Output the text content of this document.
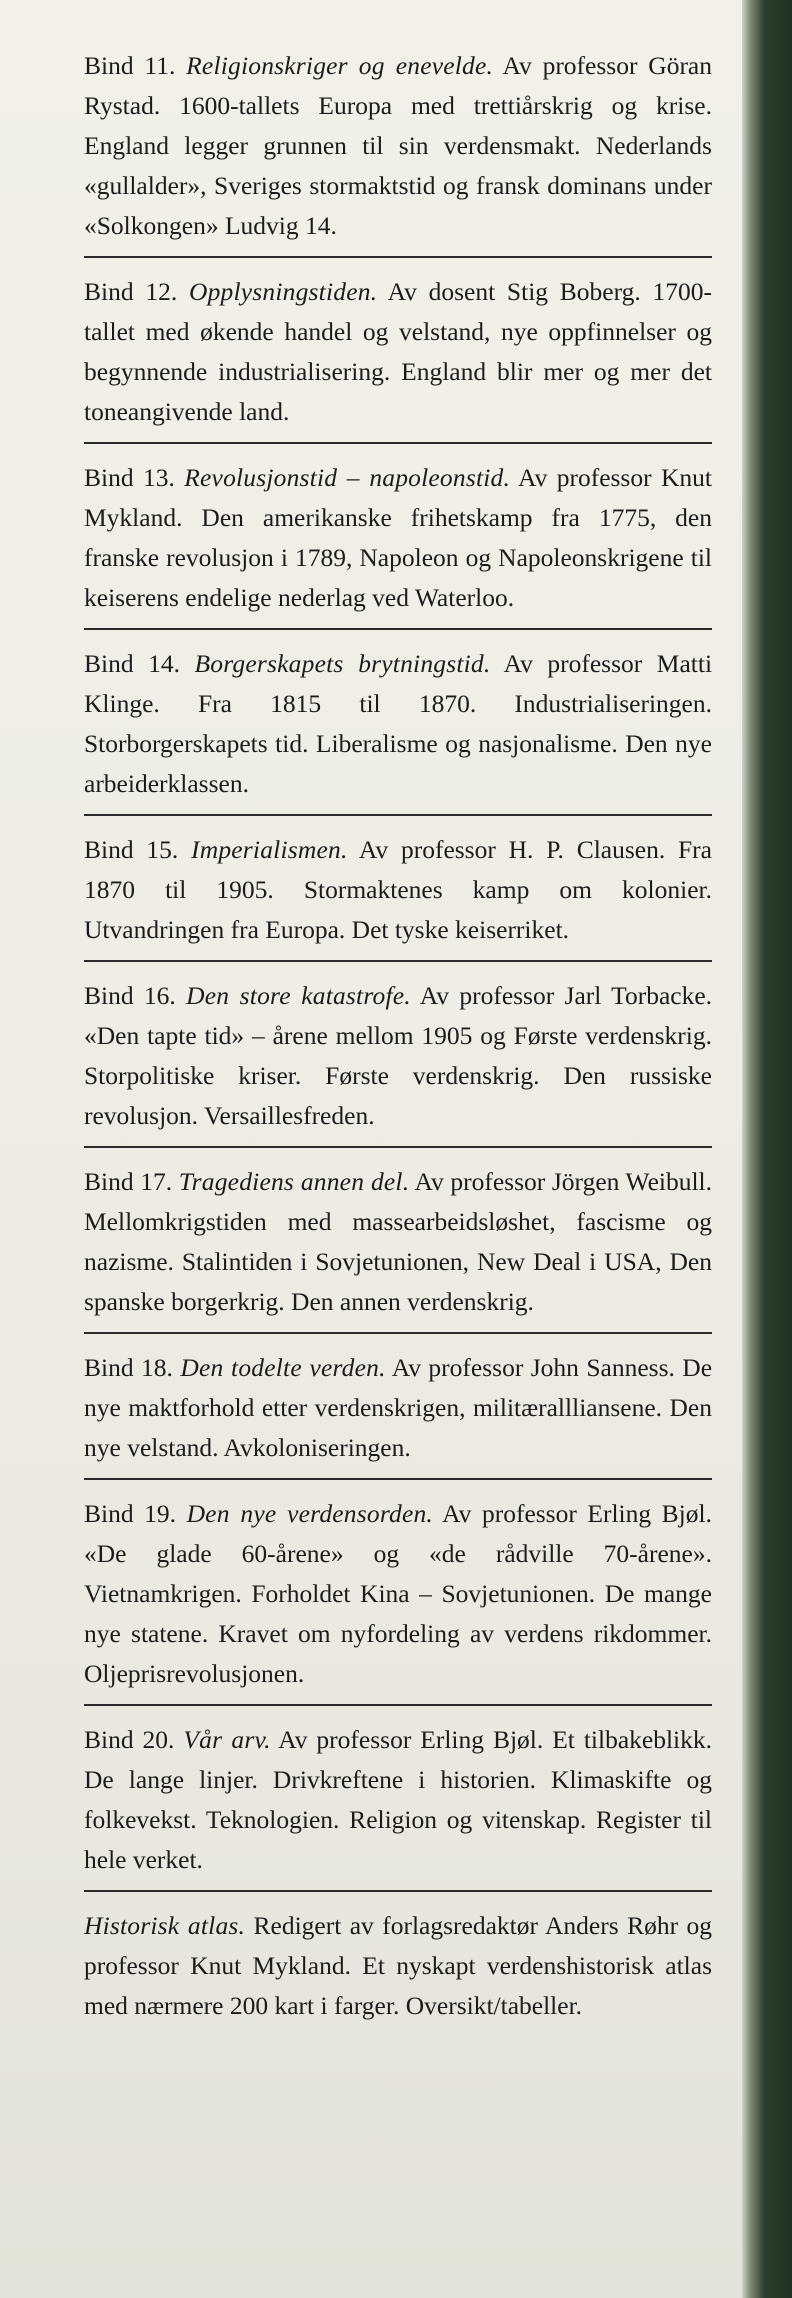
Bind 11. Religionskriger og enevelde. Av professor Göran Rystad. 1600-tallets Europa med trettiårskrig og krise. England legger grunnen til sin verdensmakt. Nederlands «gullalder», Sveriges stormaktstid og fransk dominans under «Solkongen» Ludvig 14.
Bind 12. Opplysningstiden. Av dosent Stig Boberg. 1700-tallet med økende handel og velstand, nye oppfinnelser og begynnende industrialisering. England blir mer og mer det toneangivende land.
Bind 13. Revolusjonstid – napoleonstid. Av professor Knut Mykland. Den amerikanske frihetskamp fra 1775, den franske revolusjon i 1789, Napoleon og Napoleonskrigene til keiserens endelige nederlag ved Waterloo.
Bind 14. Borgerskapets brytningstid. Av professor Matti Klinge. Fra 1815 til 1870. Industrialiseringen. Storborgerskapets tid. Liberalisme og nasjonalisme. Den nye arbeiderklassen.
Bind 15. Imperialismen. Av professor H. P. Clausen. Fra 1870 til 1905. Stormaktenes kamp om kolonier. Utvandringen fra Europa. Det tyske keiserriket.
Bind 16. Den store katastrofe. Av professor Jarl Torbacke. «Den tapte tid» – årene mellom 1905 og Første verdenskrig. Storpolitiske kriser. Første verdenskrig. Den russiske revolusjon. Versaillesfreden.
Bind 17. Tragediens annen del. Av professor Jörgen Weibull. Mellomkrigstiden med massearbeidsløshet, fascisme og nazisme. Stalintiden i Sovjetunionen, New Deal i USA, Den spanske borgerkrig. Den annen verdenskrig.
Bind 18. Den todelte verden. Av professor John Sanness. De nye maktforhold etter verdenskrigen, militærallliansene. Den nye velstand. Avkoloniseringen.
Bind 19. Den nye verdensorden. Av professor Erling Bjøl. «De glade 60-årene» og «de rådville 70-årene». Vietnamkrigen. Forholdet Kina – Sovjetunionen. De mange nye statene. Kravet om nyfordeling av verdens rikdommer. Oljeprisrevolusjonen.
Bind 20. Vår arv. Av professor Erling Bjøl. Et tilbakeblikk. De lange linjer. Drivkreftene i historien. Klimaskifte og folkevekst. Teknologien. Religion og vitenskap. Register til hele verket.
Historisk atlas. Redigert av forlagsredaktør Anders Røhr og professor Knut Mykland. Et nyskapt verdenshistorisk atlas med nærmere 200 kart i farger. Oversikt/tabeller.
